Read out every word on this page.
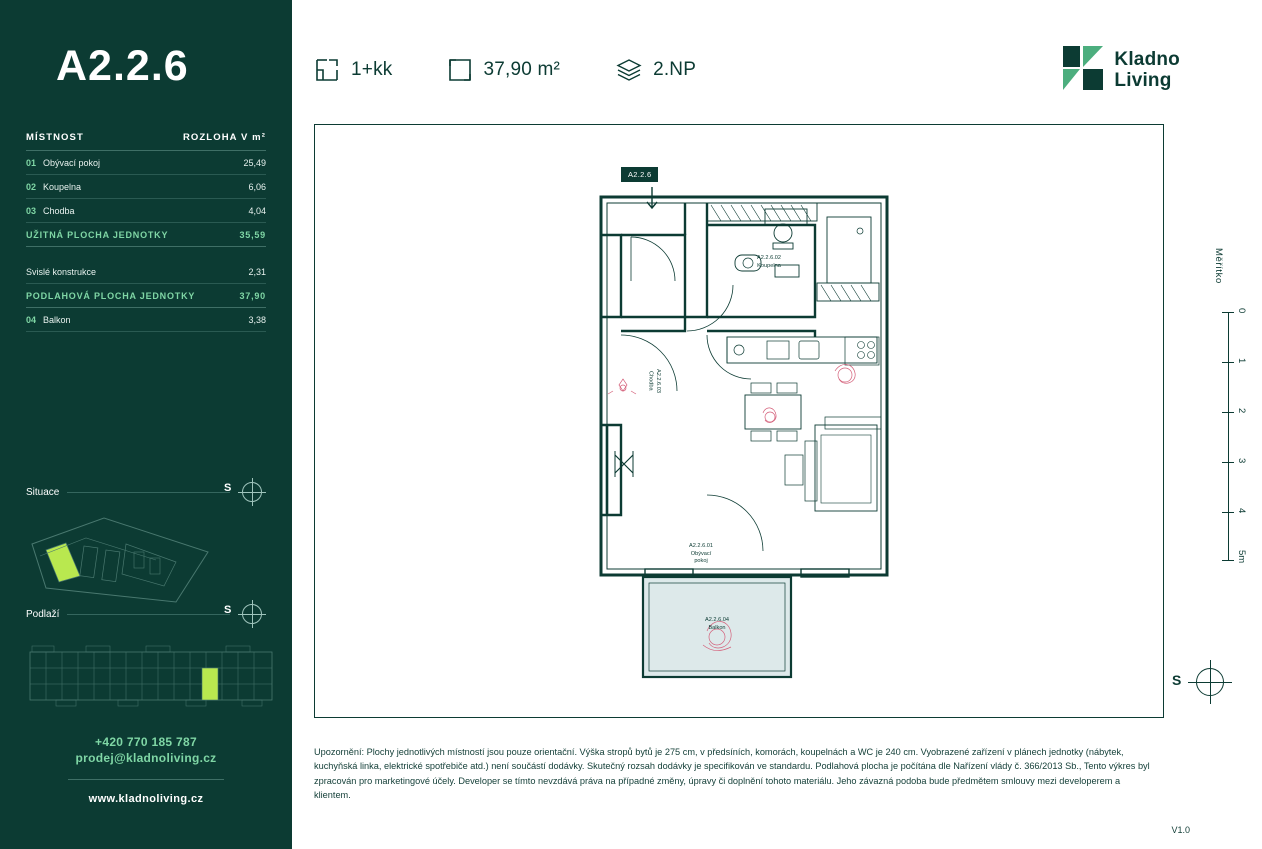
A2.2.6
MÍSTNOST	ROZLOHA V m²
01 Obývací pokoj	25,49
02 Koupelna	6,06
03 Chodba	4,04
UŽITNÁ PLOCHA JEDNOTKY	35,59
Svislé konstrukce	2,31
PODLAHOVÁ PLOCHA JEDNOTKY	37,90
04 Balkon	3,38
Situace	S
Podlaží	S
+420 770 185 787
prodej@kladnoliving.cz
www.kladnoliving.cz
1+kk	37,90 m²	2.NP	Kladno
Living
A2.2.6
A2.2.6.01
Obývací
pokoj
A2.2.6.02
Koupelna
A2.2.6.03
Chodba
A2.2.6.04
Balkon
Měřítko
0
1
2
3
4
5m
S
Upozornění: Plochy jednotlivých místností jsou pouze orientační. Výška stropů bytů je 275 cm, v předsíních, komorách, koupelnách a WC je 240 cm. Vyobrazené zařízení v plánech jednotky (nábytek, kuchyňská linka, elektrické spotřebiče atd.) není součástí dodávky. Skutečný rozsah dodávky je specifikován ve standardu. Podlahová plocha je počítána dle Nařízení vlády č. 366/2013 Sb., Tento výkres byl zpracován pro marketingové účely. Developer se tímto nevzdává práva na případné změny, úpravy či doplnění tohoto materiálu. Jeho závazná podoba bude předmětem smlouvy mezi developerem a klientem.
V1.0
